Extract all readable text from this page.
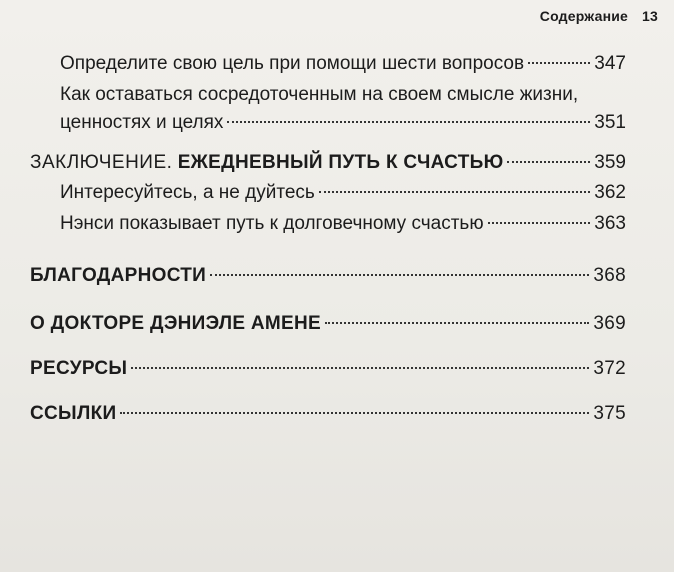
Содержание 13
Определите свою цель при помощи шести вопросов	347
Как оставаться сосредоточенным на своем смысле жизни,
ценностях и целях	351
ЗАКЛЮЧЕНИЕ. ЕЖЕДНЕВНЫЙ ПУТЬ К СЧАСТЬЮ	359
Интересуйтесь, а не дуйтесь	362
Нэнси показывает путь к долговечному счастью	363
БЛАГОДАРНОСТИ	368
О ДОКТОРЕ ДЭНИЭЛЕ АМЕНЕ	369
РЕСУРСЫ	372
ССЫЛКИ	375
